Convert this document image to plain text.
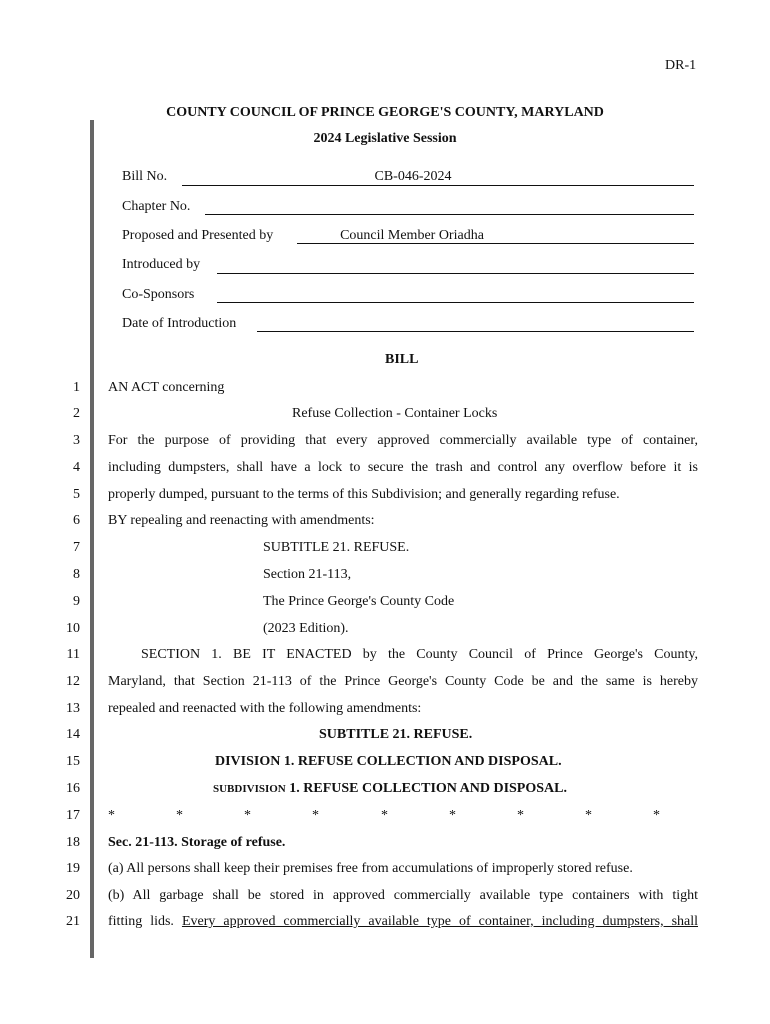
DR-1
COUNTY COUNCIL OF PRINCE GEORGE'S COUNTY, MARYLAND
2024 Legislative Session
Bill No.	CB-046-2024
Chapter No.
Proposed and Presented by	Council Member Oriadha
Introduced by
Co-Sponsors
Date of Introduction
BILL
1
2
3
4
5
6
7
8
9
10
11
12
13
14
15
16
17
18
19
20
21
AN ACT concerning
Refuse Collection - Container Locks
For the purpose of providing that every approved commercially available type of container,
including dumpsters, shall have a lock to secure the trash and control any overflow before it is
properly dumped, pursuant to the terms of this Subdivision; and generally regarding refuse.
BY repealing and reenacting with amendments:
SUBTITLE 21. REFUSE.
Section 21-113,
The Prince George's County Code
(2023 Edition).
SECTION 1. BE IT ENACTED by the County Council of Prince George's County,
Maryland, that Section 21-113 of the Prince George's County Code be and the same is hereby
repealed and reenacted with the following amendments:
SUBTITLE 21. REFUSE.
DIVISION 1. REFUSE COLLECTION AND DISPOSAL.
SUBDIVISION 1. REFUSE COLLECTION AND DISPOSAL.
*	*	*	*	*	*	*	*	*
Sec. 21-113. Storage of refuse.
(a) All persons shall keep their premises free from accumulations of improperly stored refuse.
(b) All garbage shall be stored in approved commercially available type containers with tight
fitting lids. Every approved commercially available type of container, including dumpsters, shall
